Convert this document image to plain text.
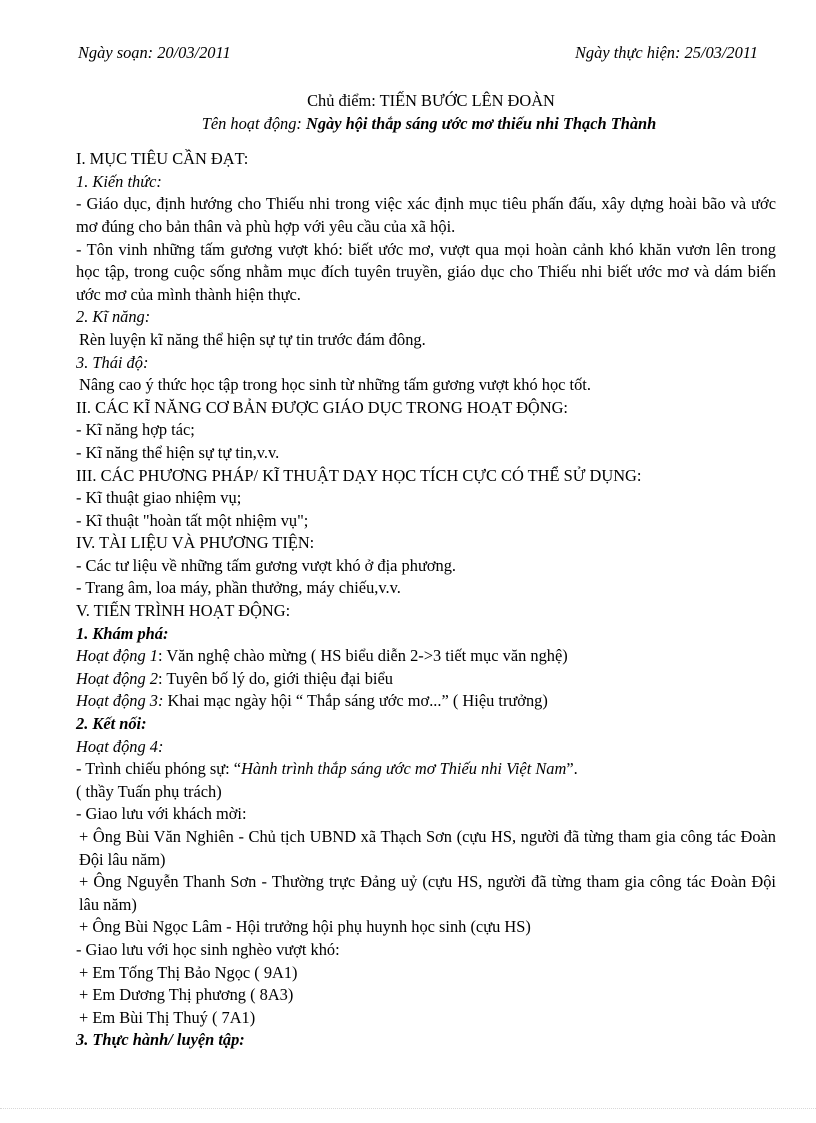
Ngày soạn: 20/03/2011	Ngày thực hiện: 25/03/2011

Chủ điểm: TIẾN BƯỚC LÊN ĐOÀN

Tên hoạt động: Ngày hội thắp sáng ước mơ thiếu nhi Thạch Thành

I. MỤC TIÊU CẦN ĐẠT:

1. Kiến thức:

- Giáo dục, định hướng cho Thiếu nhi trong việc xác định mục tiêu phấn đấu, xây dựng hoài bão và ước mơ đúng cho bản thân và phù hợp với yêu cầu của xã hội.

- Tôn vinh những tấm gương vượt khó: biết ước mơ, vượt qua mọi hoàn cảnh khó khăn vươn lên trong học tập, trong cuộc sống nhằm mục đích tuyên truyền, giáo dục cho Thiếu nhi biết ước mơ và dám biến ước mơ của mình thành hiện thực.

2. Kĩ năng:

Rèn luyện kĩ năng thể hiện sự tự tin trước đám đông.

3. Thái độ:

Nâng cao ý thức học tập trong học sinh từ những tấm gương vượt khó học tốt.

II. CÁC KĨ NĂNG CƠ BẢN ĐƯỢC GIÁO DỤC TRONG HOẠT ĐỘNG:

- Kĩ năng hợp tác;

- Kĩ năng thể hiện sự tự tin,v.v.

III. CÁC PHƯƠNG PHÁP/ KĨ THUẬT DẠY HỌC TÍCH CỰC CÓ THỂ SỬ DỤNG:

- Kĩ thuật giao nhiệm vụ;

- Kĩ thuật "hoàn tất một nhiệm vụ";

IV. TÀI LIỆU VÀ PHƯƠNG TIỆN:

- Các tư liệu về những tấm gương vượt khó ở địa phương.

- Trang âm, loa máy, phần thưởng, máy chiếu,v.v.

V. TIẾN TRÌNH HOẠT ĐỘNG:

1. Khám phá:

Hoạt động 1: Văn nghệ chào mừng ( HS biểu diễn 2->3 tiết mục văn nghệ)

Hoạt động 2: Tuyên bố lý do, giới thiệu đại biểu

Hoạt động 3: Khai mạc ngày hội “ Thắp sáng ước mơ...” ( Hiệu trưởng)

2. Kết nối:

Hoạt động 4:

- Trình chiếu phóng sự: “Hành trình thắp sáng ước mơ Thiếu nhi Việt Nam”.

( thầy Tuấn phụ trách)

- Giao lưu với khách mời:

+ Ông Bùi Văn Nghiên - Chủ tịch UBND xã Thạch Sơn (cựu HS, người đã từng tham gia công tác Đoàn Đội lâu năm)

+ Ông Nguyễn Thanh Sơn - Thường trực Đảng uỷ (cựu HS, người đã từng tham gia công tác Đoàn Đội lâu năm)

+ Ông Bùi Ngọc Lâm - Hội trưởng hội phụ huynh học sinh (cựu HS)

- Giao lưu với học sinh nghèo vượt khó:

+ Em Tống Thị Bảo Ngọc ( 9A1)

+ Em Dương Thị phương ( 8A3)

+ Em Bùi Thị Thuý ( 7A1)

3. Thực hành/ luyện tập:
